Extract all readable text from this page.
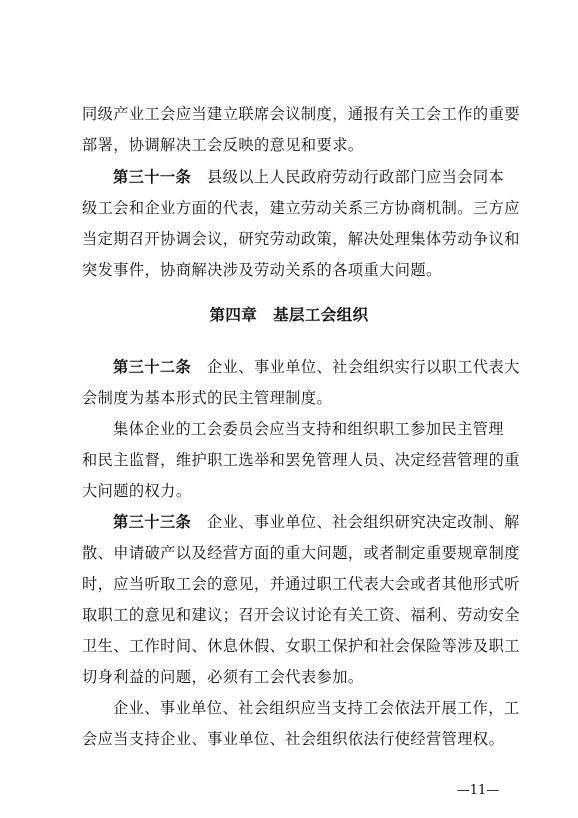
同级产业工会应当建立联席会议制度，通报有关工会工作的重要
部署，协调解决工会反映的意见和要求。
第三十一条 县级以上人民政府劳动行政部门应当会同本
级工会和企业方面的代表，建立劳动关系三方协商机制。三方应
当定期召开协调会议，研究劳动政策，解决处理集体劳动争议和
突发事件，协商解决涉及劳动关系的各项重大问题。
第四章　基层工会组织
第三十二条 企业、事业单位、社会组织实行以职工代表大
会制度为基本形式的民主管理制度。
集体企业的工会委员会应当支持和组织职工参加民主管理
和民主监督，维护职工选举和罢免管理人员、决定经营管理的重
大问题的权力。
第三十三条 企业、事业单位、社会组织研究决定改制、解
散、申请破产以及经营方面的重大问题，或者制定重要规章制度
时，应当听取工会的意见，并通过职工代表大会或者其他形式听
取职工的意见和建议；召开会议讨论有关工资、福利、劳动安全
卫生、工作时间、休息休假、女职工保护和社会保险等涉及职工
切身利益的问题，必须有工会代表参加。
企业、事业单位、社会组织应当支持工会依法开展工作，工
会应当支持企业、事业单位、社会组织依法行使经营管理权。
—11—
